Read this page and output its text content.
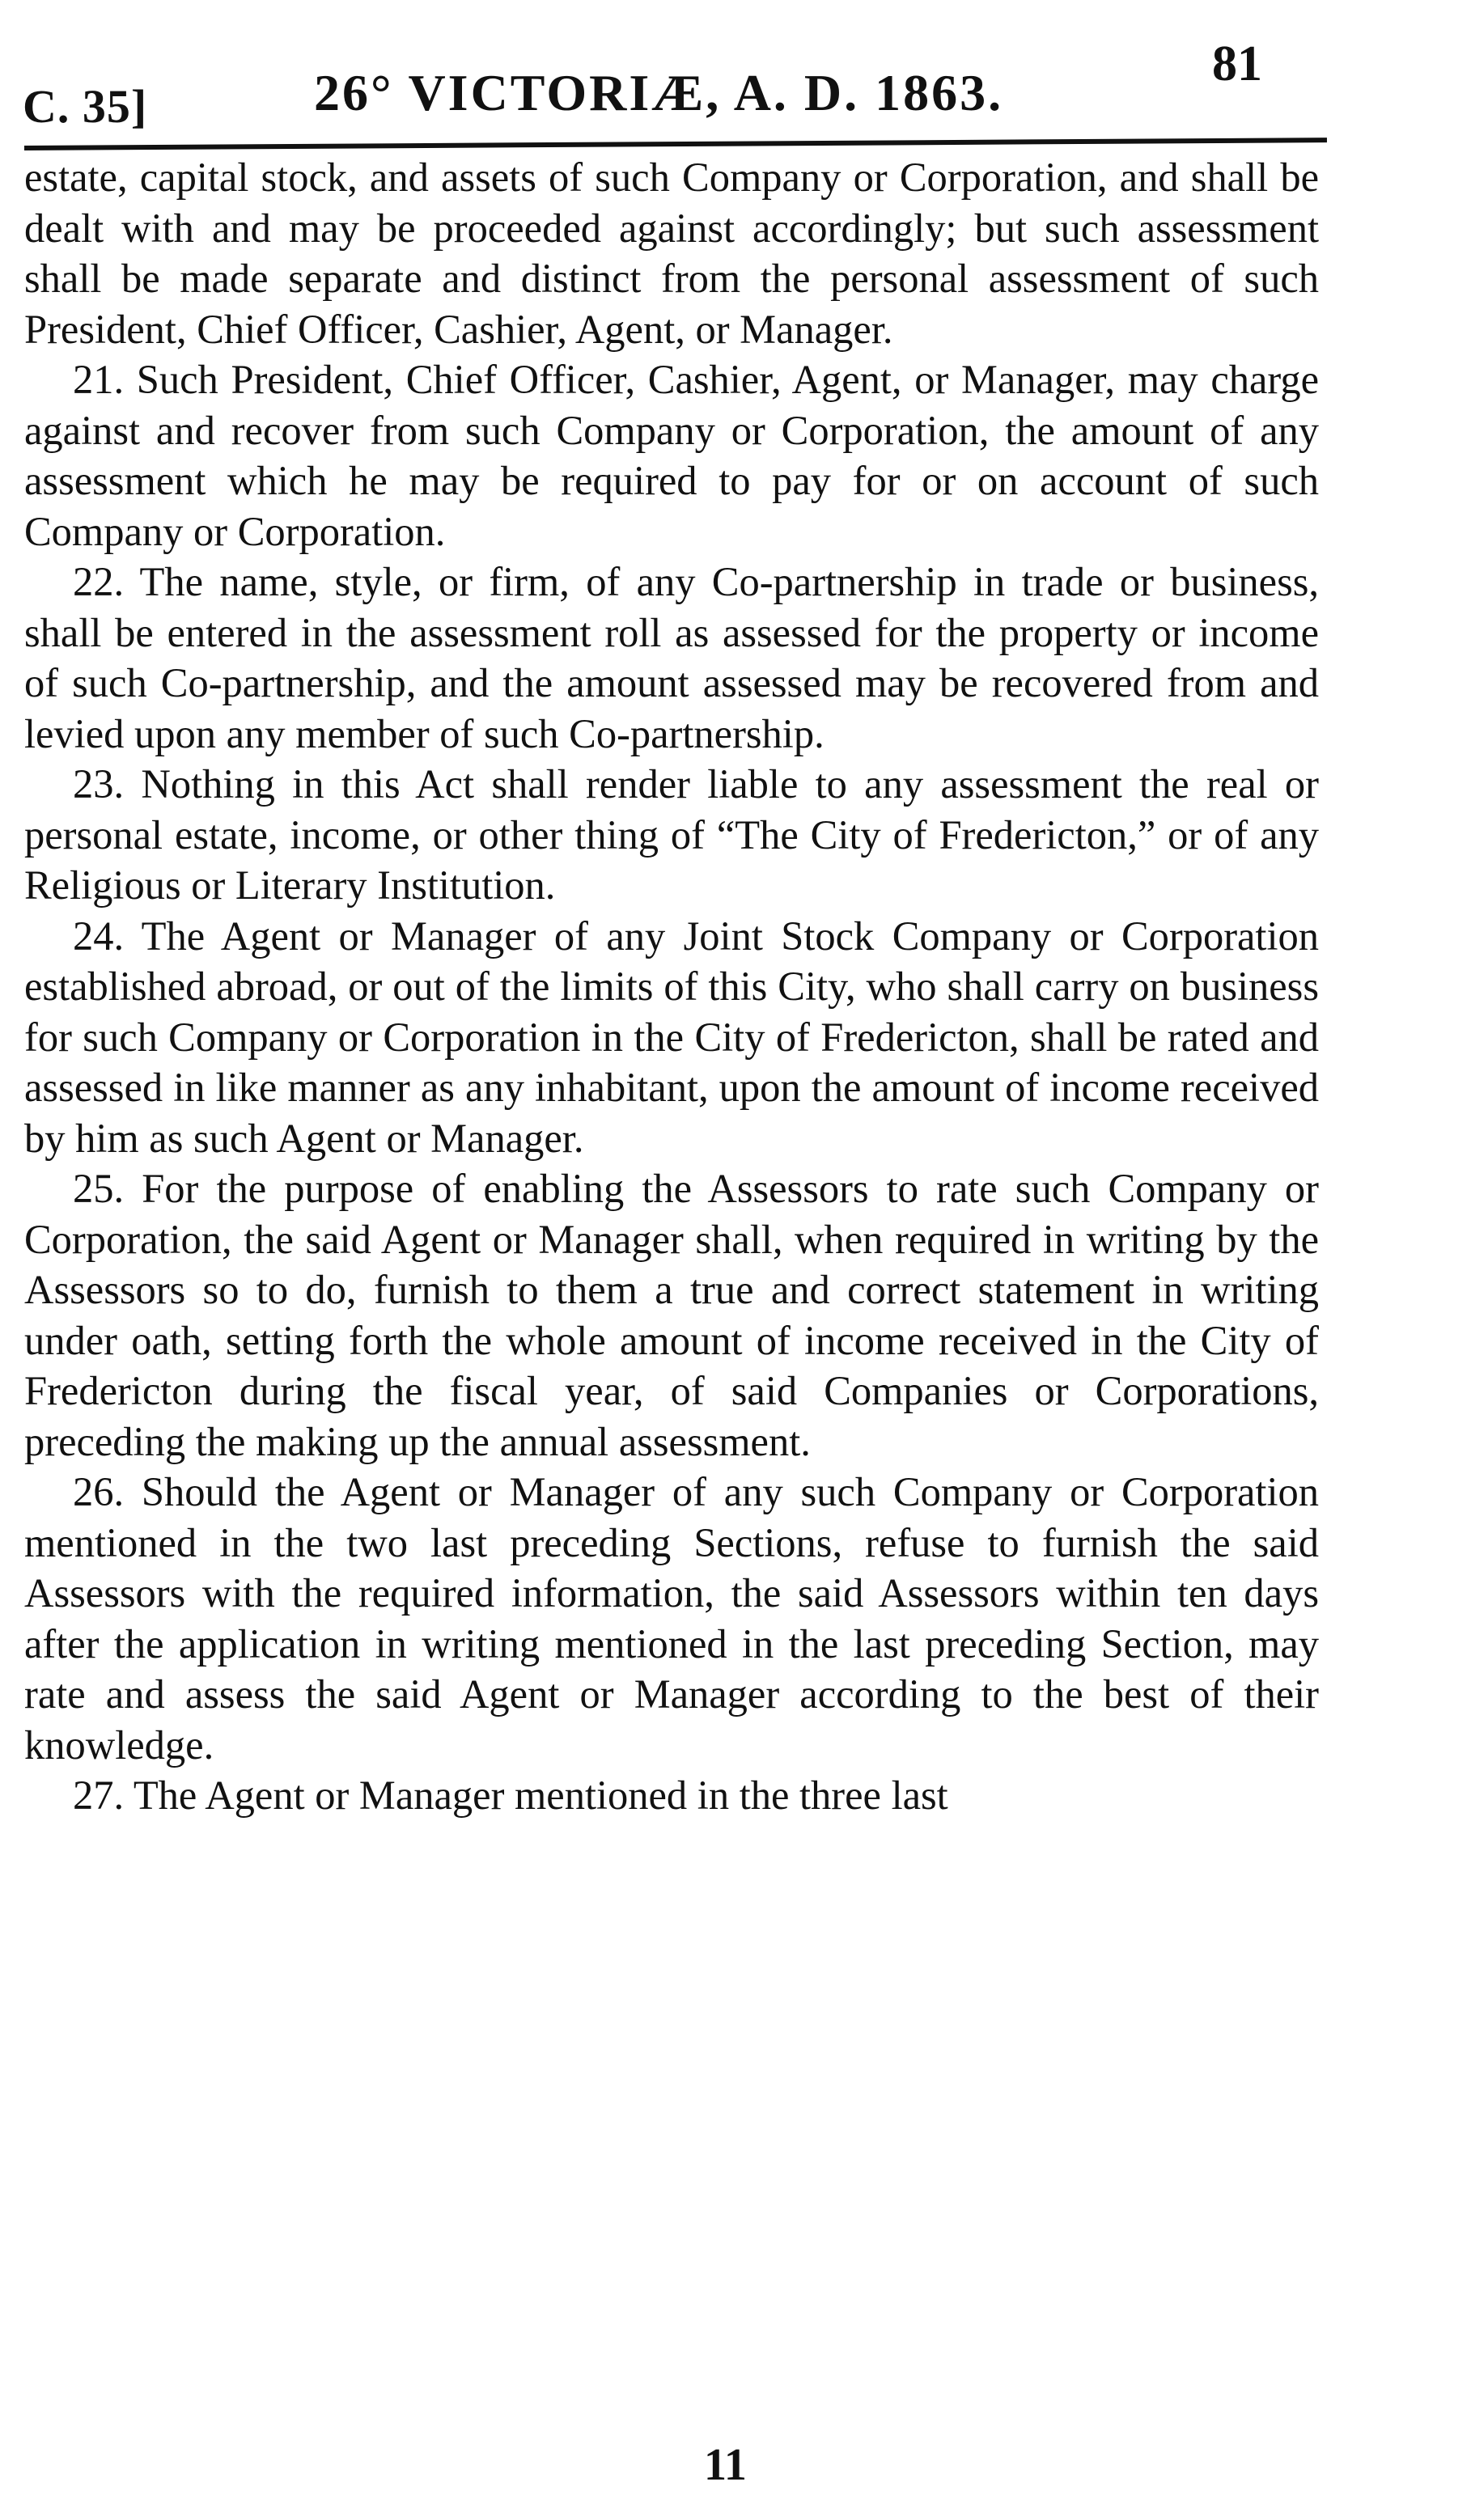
C. 35]	26° VICTORIÆ, A. D. 1863.	81

estate, capital stock, and assets of such Company or Corporation, and shall be dealt with and may be proceeded against accordingly; but such assessment shall be made separate and distinct from the personal assessment of such President, Chief Officer, Cashier, Agent, or Manager.

21. Such President, Chief Officer, Cashier, Agent, or Manager, may charge against and recover from such Company or Corporation, the amount of any assessment which he may be required to pay for or on account of such Company or Corporation.

22. The name, style, or firm, of any Co-partnership in trade or business, shall be entered in the assessment roll as assessed for the property or income of such Co-partnership, and the amount assessed may be recovered from and levied upon any member of such Co-partnership.

23. Nothing in this Act shall render liable to any assessment the real or personal estate, income, or other thing of “The City of Fredericton,” or of any Religious or Literary Institution.

24. The Agent or Manager of any Joint Stock Company or Corporation established abroad, or out of the limits of this City, who shall carry on business for such Company or Corporation in the City of Fredericton, shall be rated and assessed in like manner as any inhabitant, upon the amount of income received by him as such Agent or Manager.

25. For the purpose of enabling the Assessors to rate such Company or Corporation, the said Agent or Manager shall, when required in writing by the Assessors so to do, furnish to them a true and correct statement in writing under oath, setting forth the whole amount of income received in the City of Fredericton during the fiscal year, of said Companies or Corporations, preceding the making up the annual assessment.

26. Should the Agent or Manager of any such Company or Corporation mentioned in the two last preceding Sections, refuse to furnish the said Assessors with the required information, the said Assessors within ten days after the application in writing mentioned in the last preceding Section, may rate and assess the said Agent or Manager according to the best of their knowledge.

27. The Agent or Manager mentioned in the three last

11
